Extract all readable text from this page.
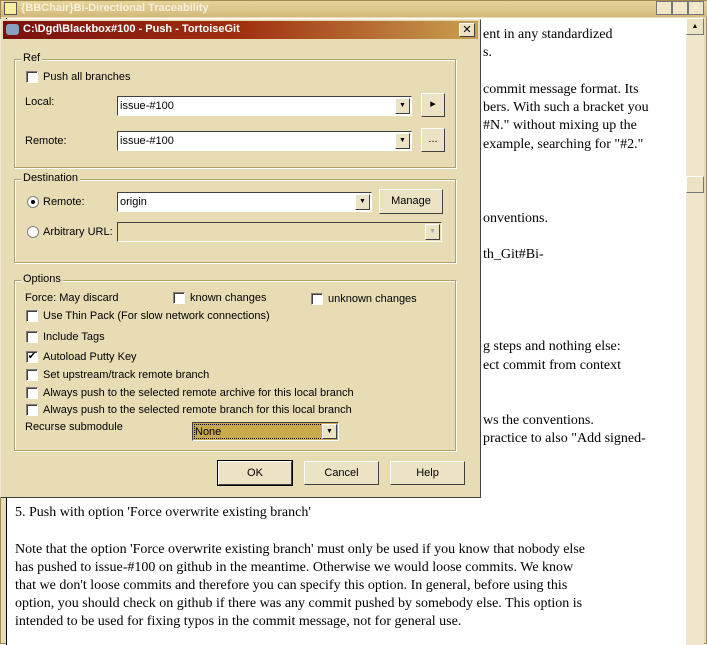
{BBChair}Bi-Directional Traceability	_	□ ✕
ent in any standardized
s.
commit message format. Its
bers. With such a bracket you
#N." without mixing up the
example, searching for "#2."
onventions.
th_Git#Bi-
g steps and nothing else:
ect commit from context
ws the conventions.
practice to also "Add signed-
5. Push with option 'Force overwrite existing branch'
Note that the option 'Force overwrite existing branch' must only be used if you know that nobody else
has pushed to issue-#100 on github in the meantime. Otherwise we would loose commits. We know
that we don't loose commits and therefore you can specify this option. In general, before using this
option, you should check on github if there was any commit pushed by somebody else. This option is
intended to be used for fixing typos in the commit message, not for general use.
▲
C:\Dgd\Blackbox#100 - Push - TortoiseGit	✕
Ref
Push all branches
Local:	issue-#100	▼	▸
Remote:	issue-#100	▼	...
Destination
Remote:	origin	▼	Manage
Arbitrary URL:	▼
Options
Force: May discard	known changes	unknown changes
Use Thin Pack (For slow network connections)
Include Tags
✔ Autoload Putty Key
Set upstream/track remote branch
Always push to the selected remote archive for this local branch
Always push to the selected remote branch for this local branch
Recurse submodule	None	▼
OK	Cancel	Help
